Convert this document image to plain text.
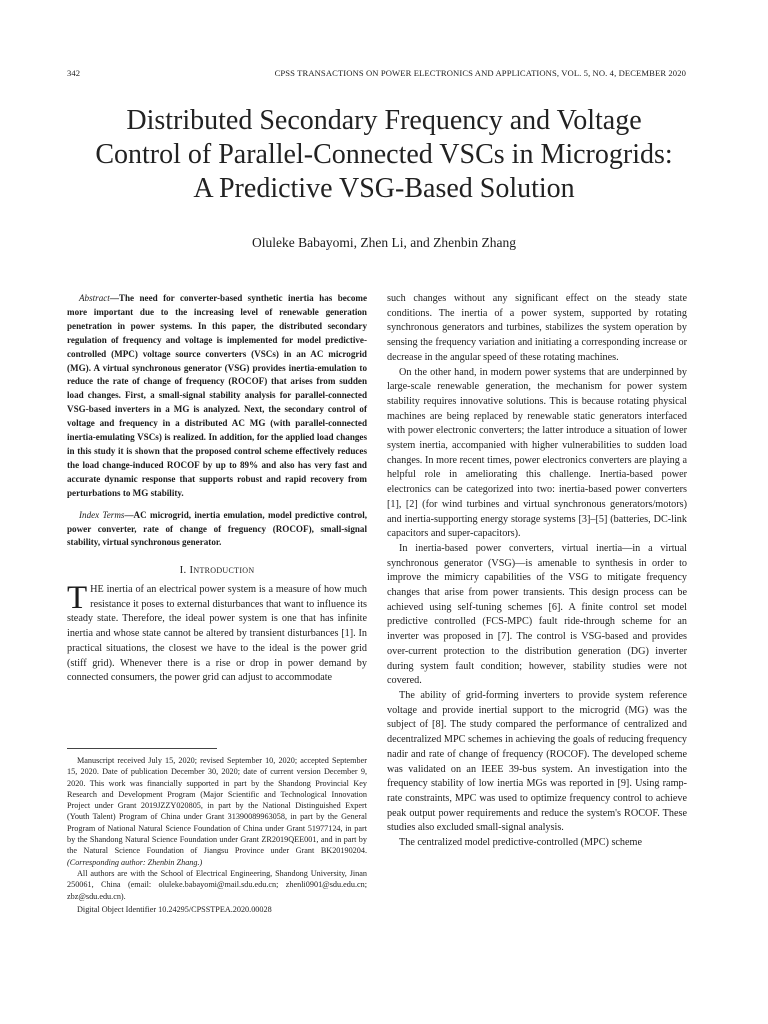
342	CPSS TRANSACTIONS ON POWER ELECTRONICS AND APPLICATIONS, VOL. 5, NO. 4, DECEMBER 2020
Distributed Secondary Frequency and Voltage
Control of Parallel-Connected VSCs in Microgrids:
A Predictive VSG-Based Solution
Oluleke Babayomi, Zhen Li, and Zhenbin Zhang

Abstract—The need for converter-based synthetic inertia has become more important due to the increasing level of renewable generation penetration in power systems. In this paper, the distributed secondary regulation of frequency and voltage is implemented for model predictive-controlled (MPC) voltage source converters (VSCs) in an AC microgrid (MG). A virtual synchronous generator (VSG) provides inertia-emulation to reduce the rate of change of frequency (ROCOF) that arises from sudden load changes. First, a small-signal stability analysis for parallel-connected VSG-based inverters in a MG is analyzed. Next, the secondary control of voltage and frequency in a distributed AC MG (with parallel-connected inertia-emulating VSCs) is realized. In addition, for the applied load changes in this study it is shown that the proposed control scheme effectively reduces the load change-induced ROCOF by up to 89% and also has very fast and accurate dynamic response that supports robust and rapid recovery from perturbations to MG stability.

Index Terms—AC microgrid, inertia emulation, model predictive control, power converter, rate of change of freguency (ROCOF), small-signal stability, virtual synchronous generator.

I. Introduction

THE inertia of an electrical power system is a measure of how much resistance it poses to external disturbances that want to influence its steady state. Therefore, the ideal power system is one that has infinite inertia and whose state cannot be altered by transient disturbances [1]. In practical situations, the closest we have to the ideal is the power grid (stiff grid). Whenever there is a rise or drop in power demand by connected consumers, the power grid can adjust to accommodate

Manuscript received July 15, 2020; revised September 10, 2020; accepted September 15, 2020. Date of publication December 30, 2020; date of current version December 9, 2020. This work was financially supported in part by the Shandong Provincial Key Research and Development Program (Major Scientific and Technological Innovation Project under Grant 2019JZZY020805, in part by the National Distinguished Expert (Youth Talent) Program of China under Grant 31390089963058, in part by the General Program of National Natural Science Foundation of China under Grant 51977124, in part by the Shandong Natural Science Foundation under Grant ZR2019QEE001, and in part by the Natural Science Foundation of Jiangsu Province under Grant BK20190204. (Corresponding author: Zhenbin Zhang.)

All authors are with the School of Electrical Engineering, Shandong University, Jinan 250061, China (email: oluleke.babayomi@mail.sdu.edu.cn; zhenli0901@sdu.edu.cn; zbz@sdu.edu.cn).

Digital Object Identifier 10.24295/CPSSTPEA.2020.00028

such changes without any significant effect on the steady state conditions. The inertia of a power system, supported by rotating synchronous generators and turbines, stabilizes the system operation by sensing the frequency variation and initiating a corresponding increase or decrease in the angular speed of these rotating machines.

On the other hand, in modern power systems that are underpinned by large-scale renewable generation, the mechanism for power system stability requires innovative solutions. This is because rotating physical machines are being replaced by renewable static generators interfaced with power electronic converters; the latter introduce a situation of lower system inertia, accompanied with higher vulnerabilities to sudden load changes. In more recent times, power electronics converters are playing a helpful role in ameliorating this challenge. Inertia-based power electronics can be categorized into two: inertia-based power converters [1], [2] (for wind turbines and virtual synchronous generators/motors) and inertia-supporting energy storage systems [3]–[5] (batteries, DC-link capacitors and super-capacitors).

In inertia-based power converters, virtual inertia—in a virtual synchronous generator (VSG)—is amenable to synthesis in order to improve the mimicry capabilities of the VSG to mitigate frequency changes that arise from power transients. This design process can be achieved using self-tuning schemes [6]. A finite control set model predictive controlled (FCS-MPC) fault ride-through scheme for an inverter was proposed in [7]. The control is VSG-based and provides over-current protection to the distribution generation (DG) inverter during system fault condition; however, stability studies were not covered.

The ability of grid-forming inverters to provide system reference voltage and provide inertial support to the microgrid (MG) was the subject of [8]. The study compared the performance of centralized and decentralized MPC schemes in achieving the goals of reducing frequency nadir and rate of change of frequency (ROCOF). The developed scheme was validated on an IEEE 39-bus system. An investigation into the frequency stability of low inertia MGs was reported in [9]. Using ramp-rate constraints, MPC was used to optimize frequency control to achieve peak output power requirements and reduce the system's ROCOF. These studies also excluded small-signal analysis.

The centralized model predictive-controlled (MPC) scheme
